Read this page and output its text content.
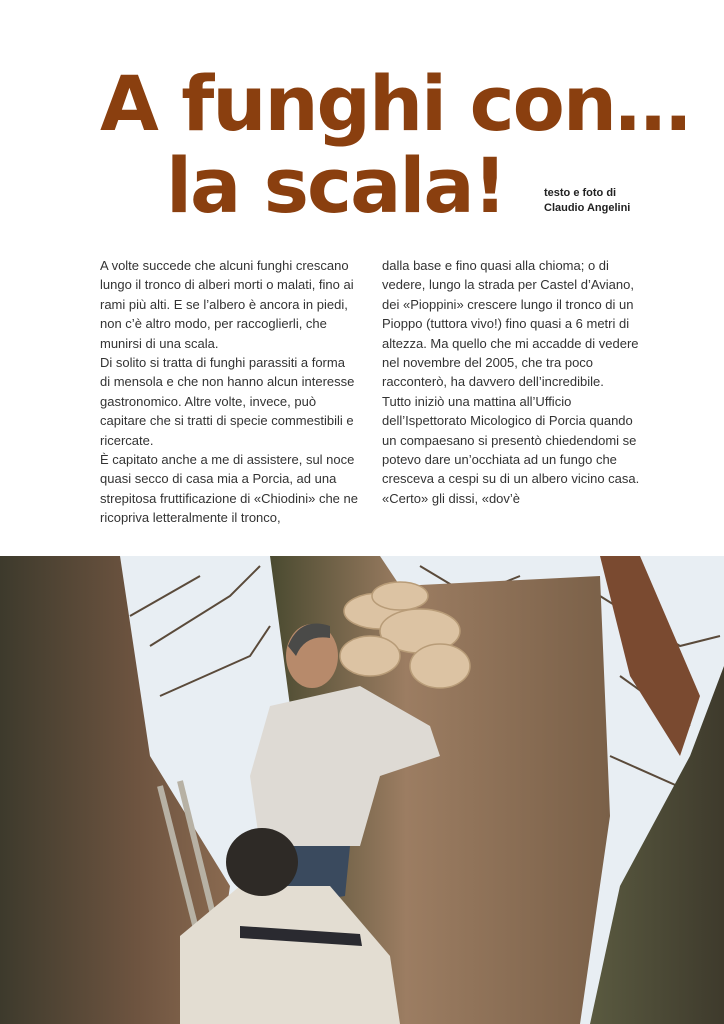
A funghi con…
la scala!	testo e foto di
Claudio Angelini

A volte succede che alcuni funghi crescano lungo il tronco di alberi morti o malati, fino ai rami più alti. E se l’albero è ancora in piedi, non c’è altro modo, per raccoglierli, che munirsi di una scala.

Di solito si tratta di funghi parassiti a forma di mensola e che non hanno alcun interesse gastronomico. Altre volte, invece, può capitare che si tratti di specie commestibili e ricercate.

È capitato anche a me di assistere, sul noce quasi secco di casa mia a Porcia, ad una strepitosa fruttificazione di «Chiodini» che ne ricopriva letteralmente il tronco,

dalla base e fino quasi alla chioma; o di vedere, lungo la strada per Castel d’Aviano, dei «Pioppini» crescere lungo il tronco di un Pioppo (tuttora vivo!) fino quasi a 6 metri di altezza. Ma quello che mi accadde di vedere nel novembre del 2005, che tra poco racconterò, ha davvero dell’incredibile.

Tutto iniziò una mattina all’Ufficio dell’Ispettorato Micologico di Porcia quando un compaesano si presentò chiedendomi se potevo dare un’occhiata ad un fungo che cresceva a cespi su di un albero vicino casa. «Certo» gli dissi, «dov’è
